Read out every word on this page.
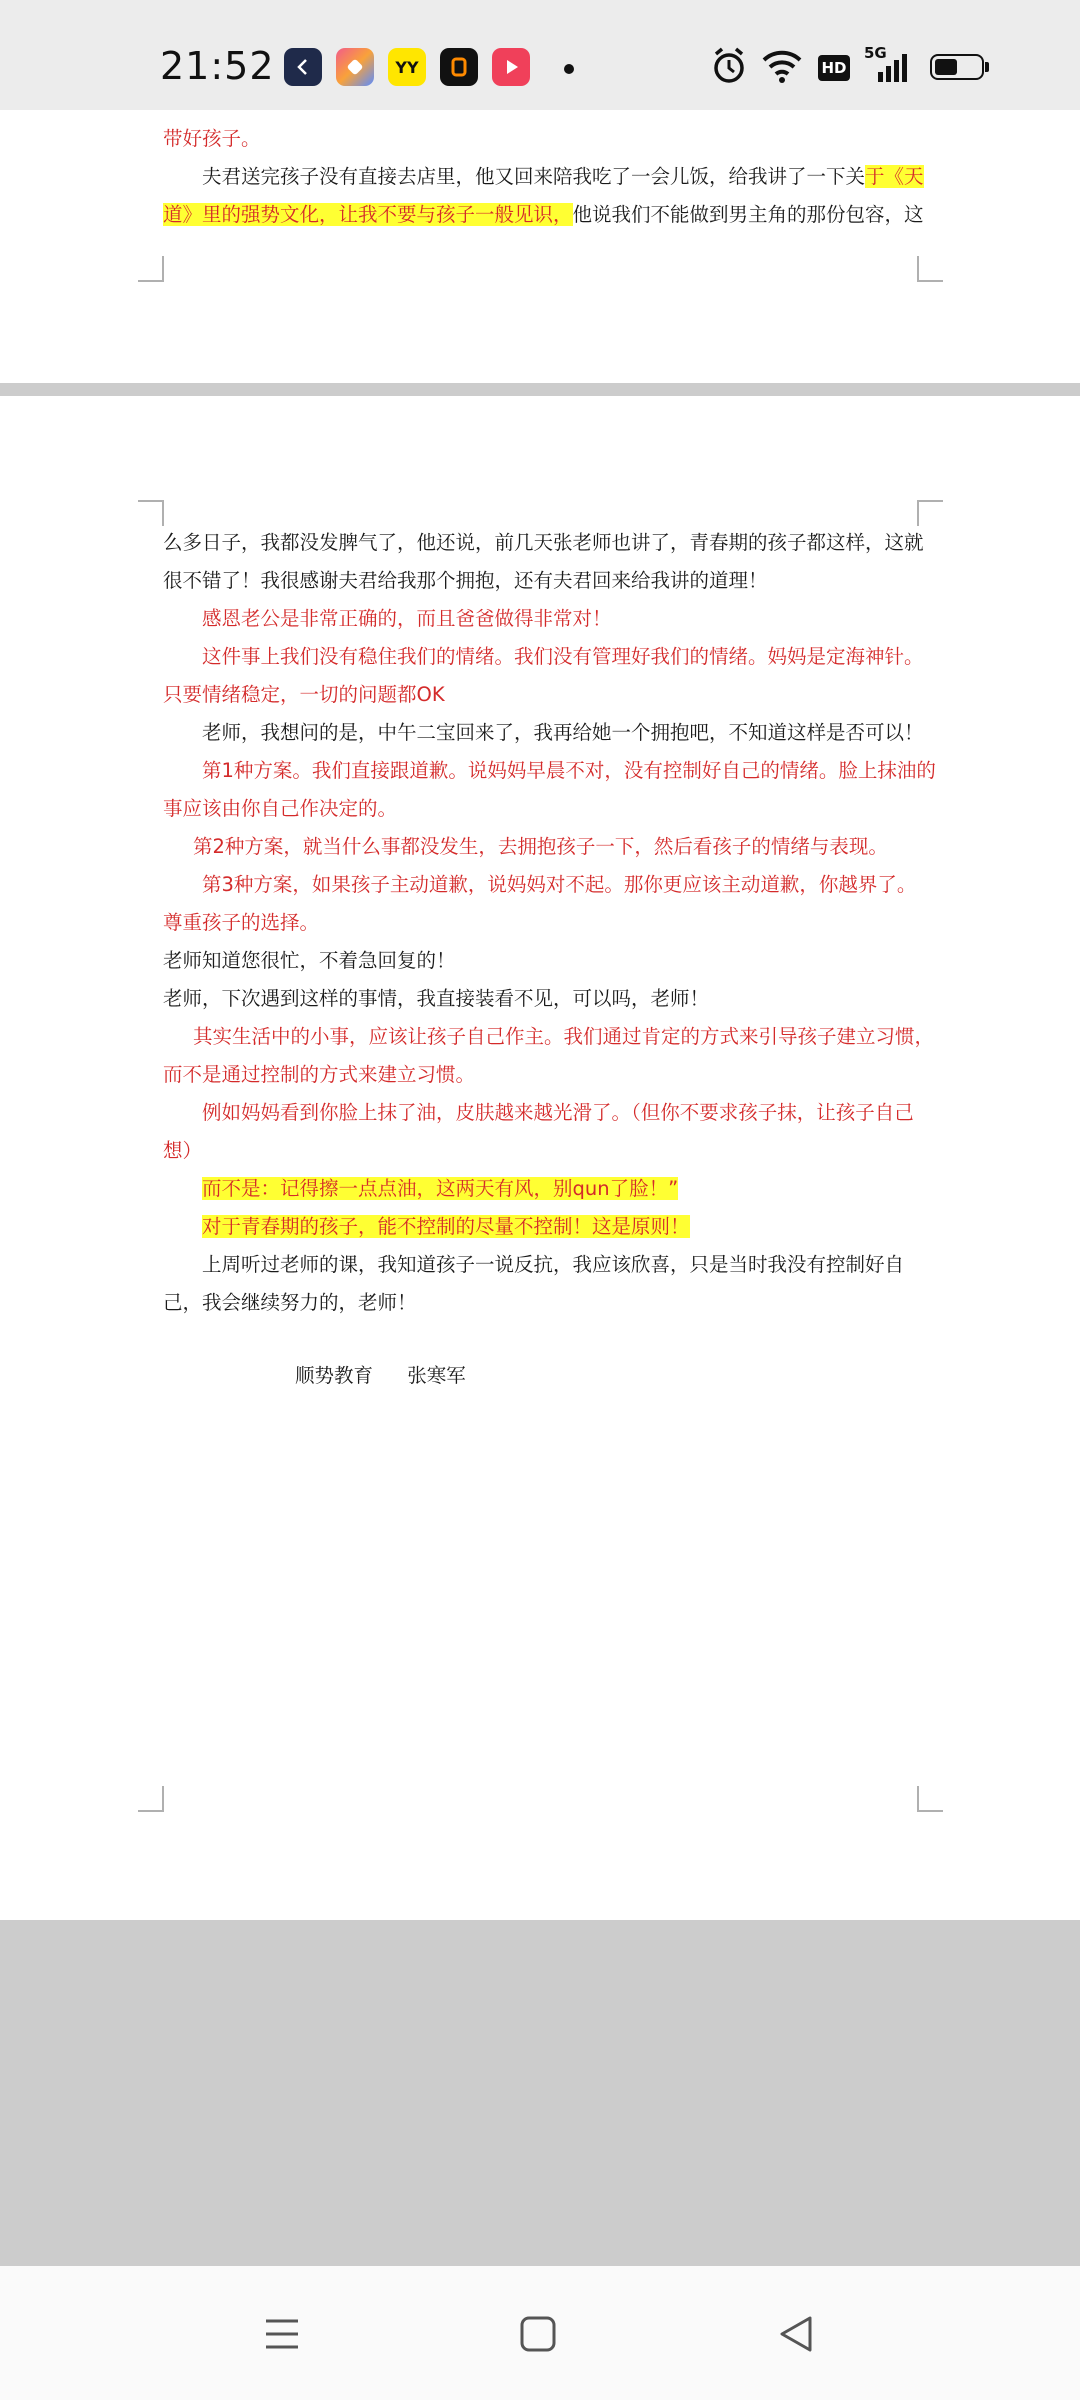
21:52	YY	HD
5G
带好孩子。
夫君送完孩子没有直接去店里，他又回来陪我吃了一会儿饭，给我讲了一下关于《天
道》里的强势文化，让我不要与孩子一般见识，他说我们不能做到男主角的那份包容，这
么多日子，我都没发脾气了，他还说，前几天张老师也讲了，青春期的孩子都这样，这就
很不错了！我很感谢夫君给我那个拥抱，还有夫君回来给我讲的道理！
感恩老公是非常正确的，而且爸爸做得非常对！
这件事上我们没有稳住我们的情绪。我们没有管理好我们的情绪。妈妈是定海神针。
只要情绪稳定，一切的问题都OK
老师，我想问的是，中午二宝回来了，我再给她一个拥抱吧，不知道这样是否可以！
第1种方案。我们直接跟道歉。说妈妈早晨不对，没有控制好自己的情绪。脸上抹油的
事应该由你自己作决定的。
第2种方案，就当什么事都没发生，去拥抱孩子一下，然后看孩子的情绪与表现。
第3种方案，如果孩子主动道歉，说妈妈对不起。那你更应该主动道歉，你越界了。
尊重孩子的选择。
老师知道您很忙，不着急回复的！
老师，下次遇到这样的事情，我直接装看不见，可以吗，老师！
其实生活中的小事，应该让孩子自己作主。我们通过肯定的方式来引导孩子建立习惯，
而不是通过控制的方式来建立习惯。
例如妈妈看到你脸上抹了油，皮肤越来越光滑了。（但你不要求孩子抹，让孩子自己
想）
而不是：记得擦一点点油，这两天有风，别qun了脸！”
对于青春期的孩子，能不控制的尽量不控制！这是原则！
上周听过老师的课，我知道孩子一说反抗，我应该欣喜，只是当时我没有控制好自
己，我会继续努力的，老师！
顺势教育 张寒军
